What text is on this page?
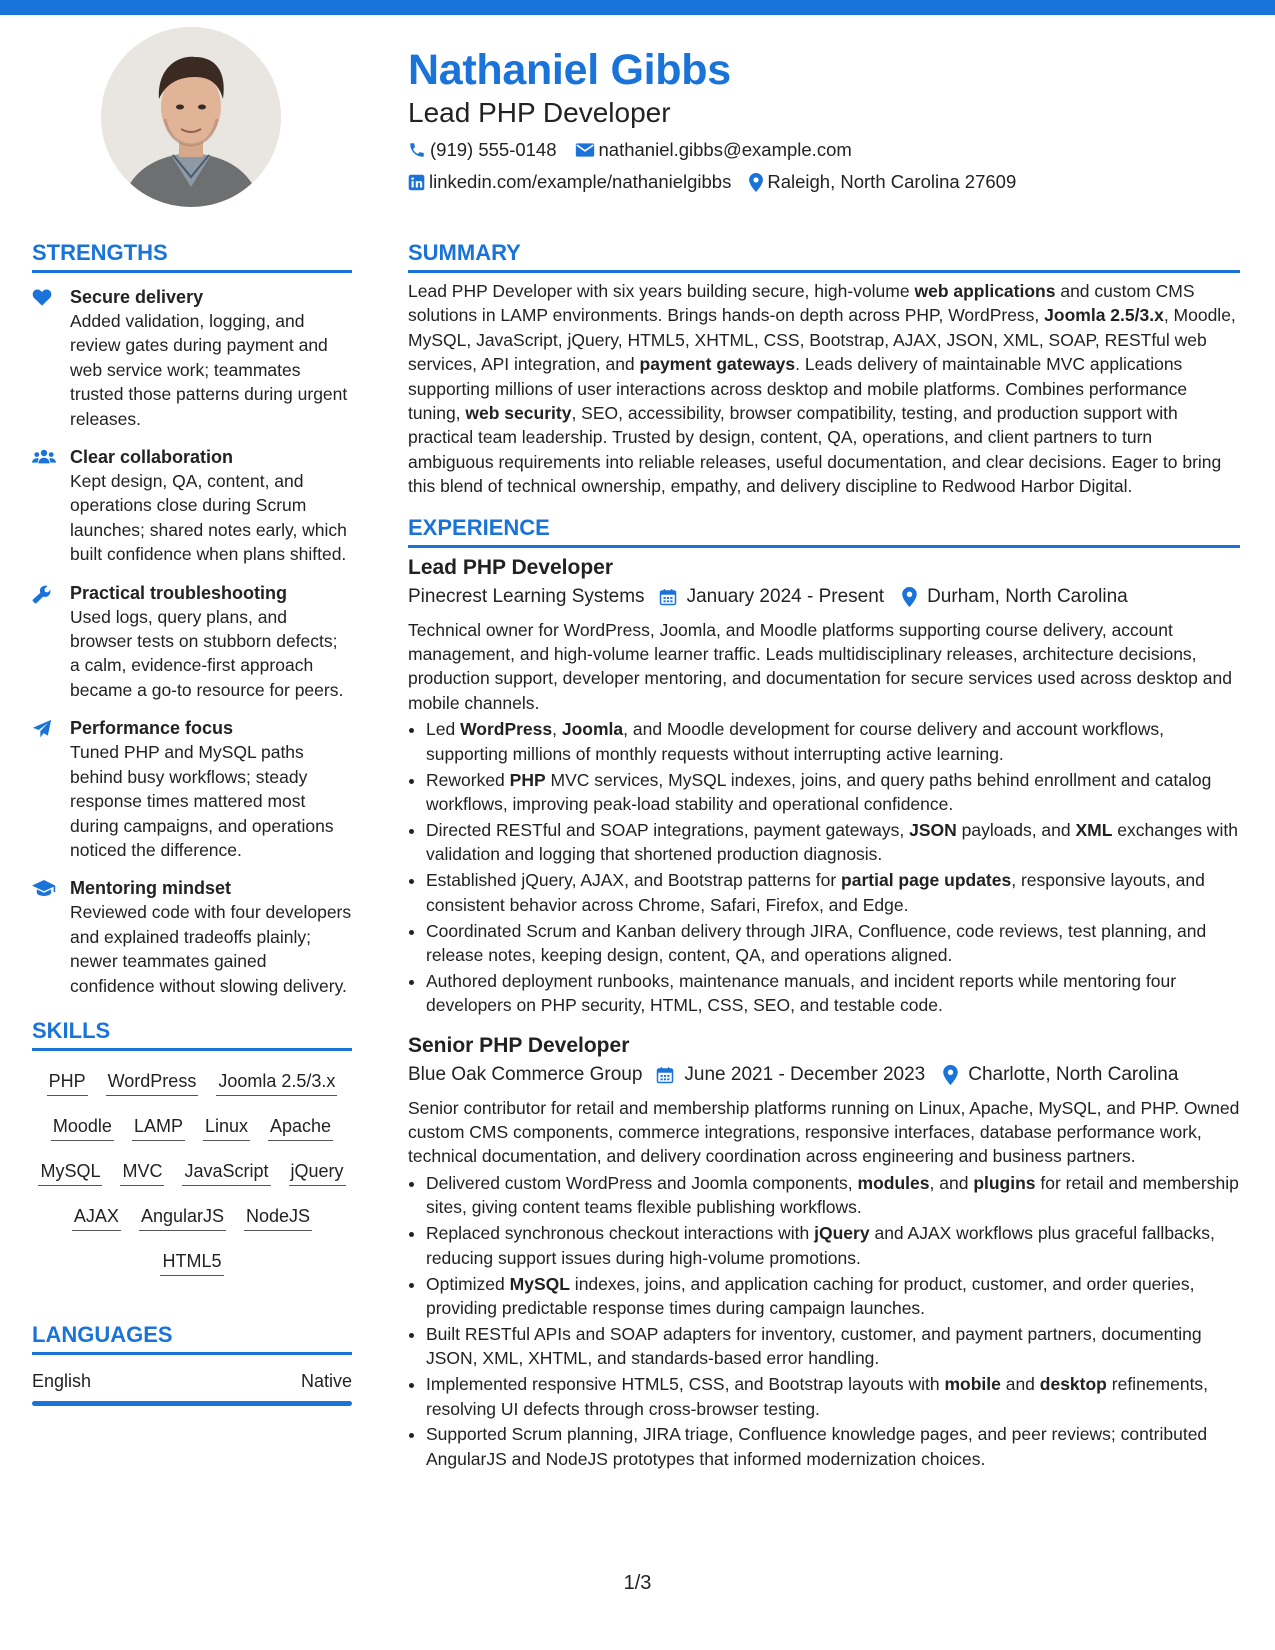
Nathaniel Gibbs
Lead PHP Developer
(919) 555-0148 nathaniel.gibbs@example.com
linkedin.com/example/nathanielgibbs Raleigh, North Carolina 27609
STRENGTHS
Secure delivery
Added validation, logging, and review gates during payment and web service work; teammates trusted those patterns during urgent releases.
Clear collaboration
Kept design, QA, content, and operations close during Scrum launches; shared notes early, which built confidence when plans shifted.
Practical troubleshooting
Used logs, query plans, and browser tests on stubborn defects; a calm, evidence-first approach became a go-to resource for peers.
Performance focus
Tuned PHP and MySQL paths behind busy workflows; steady response times mattered most during campaigns, and operations noticed the difference.
Mentoring mindset
Reviewed code with four developers and explained tradeoffs plainly; newer teammates gained confidence without slowing delivery.
SKILLS
PHP WordPress Joomla 2.5/3.x
Moodle LAMP Linux Apache
MySQL MVC JavaScript jQuery
AJAX AngularJS NodeJS
HTML5
LANGUAGES
English	Native
SUMMARY

Lead PHP Developer with six years building secure, high-volume web applications and custom CMS solutions in LAMP environments. Brings hands-on depth across PHP, WordPress, Joomla 2.5/3.x, Moodle, MySQL, JavaScript, jQuery, HTML5, XHTML, CSS, Bootstrap, AJAX, JSON, XML, SOAP, RESTful web services, API integration, and payment gateways. Leads delivery of maintainable MVC applications supporting millions of user interactions across desktop and mobile platforms. Combines performance tuning, web security, SEO, accessibility, browser compatibility, testing, and production support with practical team leadership. Trusted by design, content, QA, operations, and client partners to turn ambiguous requirements into reliable releases, useful documentation, and clear decisions. Eager to bring this blend of technical ownership, empathy, and delivery discipline to Redwood Harbor Digital.

EXPERIENCE
Lead PHP Developer
Pinecrest Learning Systems January 2024 - Present Durham, North Carolina

Technical owner for WordPress, Joomla, and Moodle platforms supporting course delivery, account management, and high-volume learner traffic. Leads multidisciplinary releases, architecture decisions, production support, developer mentoring, and documentation for secure services used across desktop and mobile channels.

• Led WordPress, Joomla, and Moodle development for course delivery and account workflows, supporting millions of monthly requests without interrupting active learning.
• Reworked PHP MVC services, MySQL indexes, joins, and query paths behind enrollment and catalog workflows, improving peak-load stability and operational confidence.
• Directed RESTful and SOAP integrations, payment gateways, JSON payloads, and XML exchanges with validation and logging that shortened production diagnosis.
• Established jQuery, AJAX, and Bootstrap patterns for partial page updates, responsive layouts, and consistent behavior across Chrome, Safari, Firefox, and Edge.
• Coordinated Scrum and Kanban delivery through JIRA, Confluence, code reviews, test planning, and release notes, keeping design, content, QA, and operations aligned.
• Authored deployment runbooks, maintenance manuals, and incident reports while mentoring four developers on PHP security, HTML, CSS, SEO, and testable code.
Senior PHP Developer
Blue Oak Commerce Group June 2021 - December 2023 Charlotte, North Carolina

Senior contributor for retail and membership platforms running on Linux, Apache, MySQL, and PHP. Owned custom CMS components, commerce integrations, responsive interfaces, database performance work, technical documentation, and delivery coordination across engineering and business partners.

• Delivered custom WordPress and Joomla components, modules, and plugins for retail and membership sites, giving content teams flexible publishing workflows.
• Replaced synchronous checkout interactions with jQuery and AJAX workflows plus graceful fallbacks, reducing support issues during high-volume promotions.
• Optimized MySQL indexes, joins, and application caching for product, customer, and order queries, providing predictable response times during campaign launches.
• Built RESTful APIs and SOAP adapters for inventory, customer, and payment partners, documenting JSON, XML, XHTML, and standards-based error handling.
• Implemented responsive HTML5, CSS, and Bootstrap layouts with mobile and desktop refinements, resolving UI defects through cross-browser testing.
• Supported Scrum planning, JIRA triage, Confluence knowledge pages, and peer reviews; contributed AngularJS and NodeJS prototypes that informed modernization choices.
1/3
